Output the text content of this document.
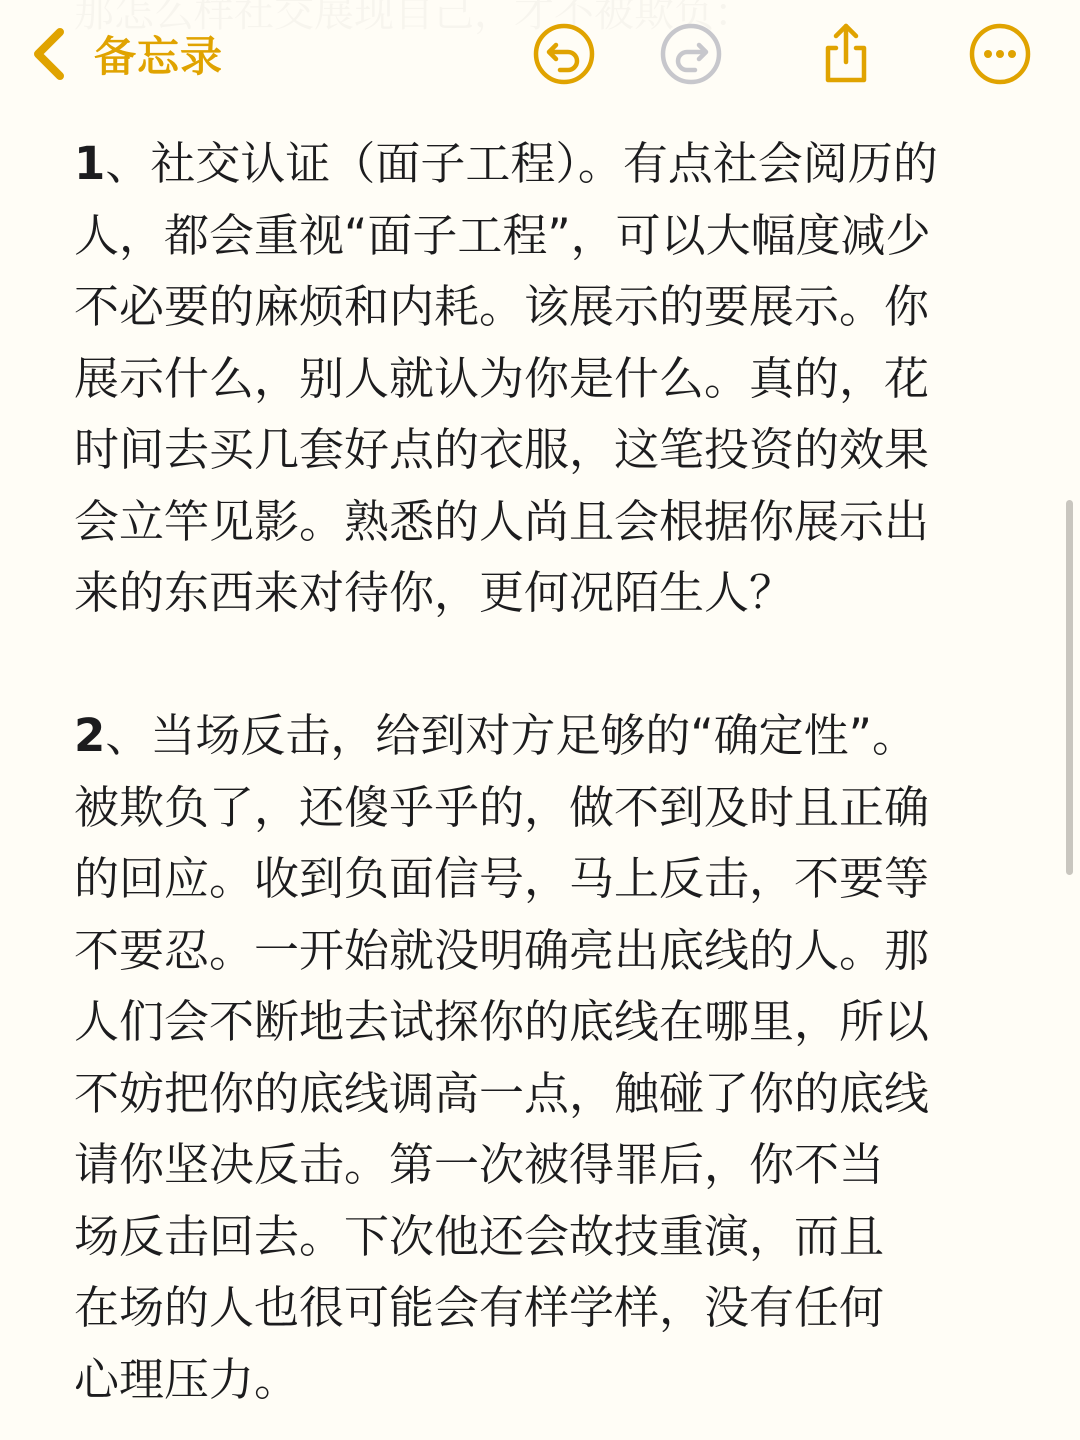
备忘录

1、社交认证（面子工程）。有点社会阅历的
人，都会重视“面子工程”，可以大幅度减少
不必要的麻烦和内耗。该展示的要展示。你
展示什么，别人就认为你是什么。真的，花
时间去买几套好点的衣服，这笔投资的效果
会立竿见影。熟悉的人尚且会根据你展示出
来的东西来对待你，更何况陌生人？

2、当场反击，给到对方足够的“确定性”。
被欺负了，还傻乎乎的，做不到及时且正确
的回应。收到负面信号，马上反击，不要等
不要忍。一开始就没明确亮出底线的人。那
人们会不断地去试探你的底线在哪里，所以
不妨把你的底线调高一点，触碰了你的底线
请你坚决反击。第一次被得罪后，你不当
场反击回去。下次他还会故技重演，而且
在场的人也很可能会有样学样，没有任何
心理压力。
